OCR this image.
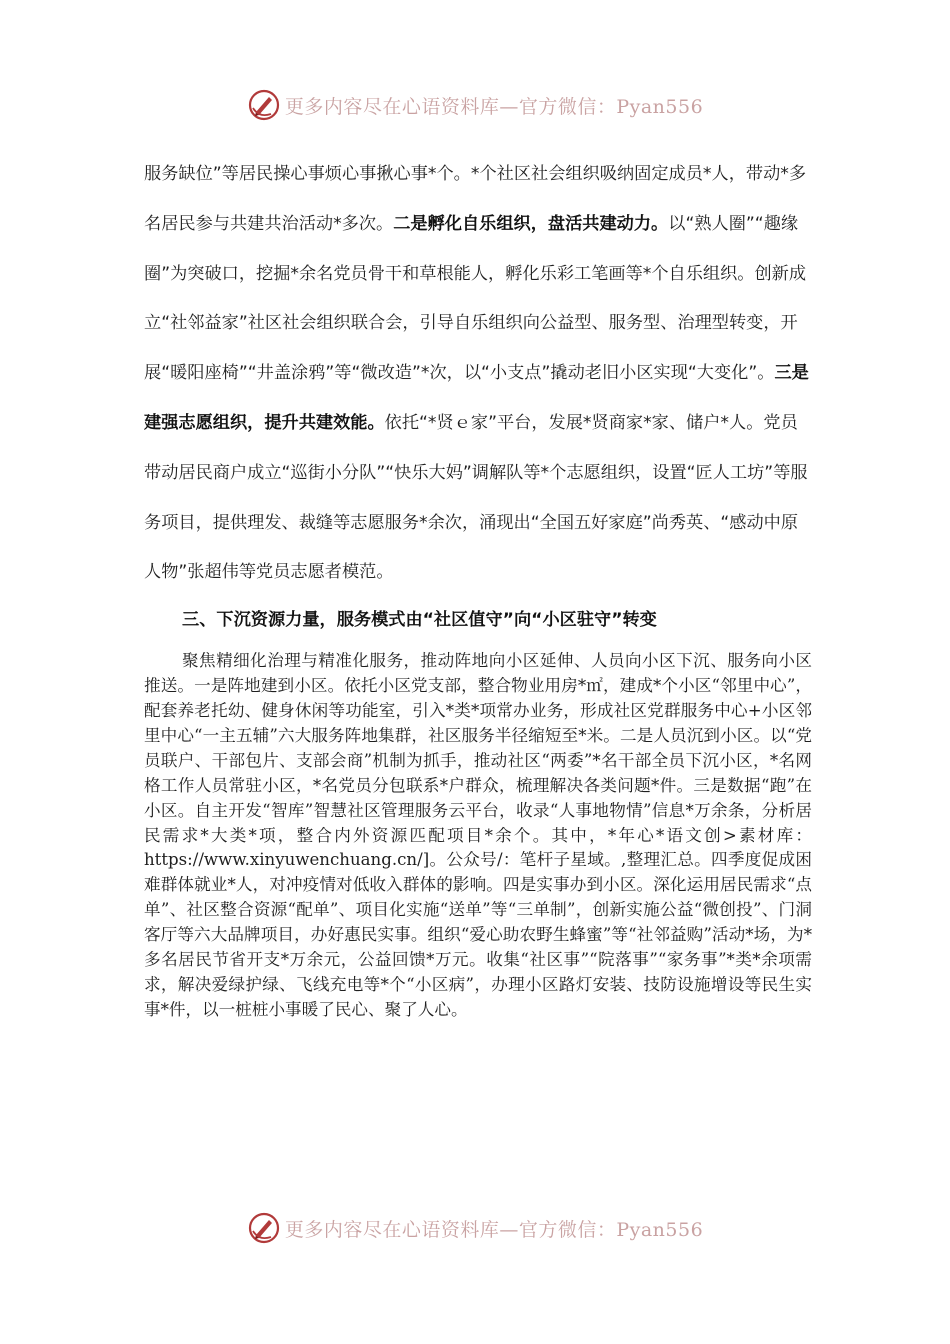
更多内容尽在心语资料库—官方微信：Pyan556

服务缺位”等居民操心事烦心事揪心事*个。*个社区社会组织吸纳固定成员*人，带动*多名居民参与共建共治活动*多次。二是孵化自乐组织，盘活共建动力。以“熟人圈”“趣缘圈”为突破口，挖掘*余名党员骨干和草根能人，孵化乐彩工笔画等*个自乐组织。创新成立“社邻益家”社区社会组织联合会，引导自乐组织向公益型、服务型、治理型转变，开展“暖阳座椅”“井盖涂鸦”等“微改造”*次，以“小支点”撬动老旧小区实现“大变化”。三是建强志愿组织，提升共建效能。依托“*贤ｅ家”平台，发展*贤商家*家、储户*人。党员带动居民商户成立“巡街小分队”“快乐大妈”调解队等*个志愿组织，设置“匠人工坊”等服务项目，提供理发、裁缝等志愿服务*余次，涌现出“全国五好家庭”尚秀英、“感动中原人物”张超伟等党员志愿者模范。

三、下沉资源力量，服务模式由“社区值守”向“小区驻守”转变

聚焦精细化治理与精准化服务，推动阵地向小区延伸、人员向小区下沉、服务向小区推送。一是阵地建到小区。依托小区党支部，整合物业用房*㎡，建成*个小区“邻里中心”，配套养老托幼、健身休闲等功能室，引入*类*项常办业务，形成社区党群服务中心+小区邻里中心“一主五辅”六大服务阵地集群，社区服务半径缩短至*米。二是人员沉到小区。以“党员联户、干部包片、支部会商”机制为抓手，推动社区“两委”*名干部全员下沉小区，*名网格工作人员常驻小区，*名党员分包联系*户群众，梳理解决各类问题*件。三是数据“跑”在小区。自主开发“智库”智慧社区管理服务云平台，收录“人事地物情”信息*万余条，分析居民需求*大类*项，整合内外资源匹配项目*余个。其中，*年心*语文创>素材库：https://www.xinyuwenchuang.cn/]。公众号/：笔杆子星域。,整理汇总。四季度促成困难群体就业*人，对冲疫情对低收入群体的影响。四是实事办到小区。深化运用居民需求“点单”、社区整合资源“配单”、项目化实施“送单”等“三单制”，创新实施公益“微创投”、门洞客厅等六大品牌项目，办好惠民实事。组织“爱心助农野生蜂蜜”等“社邻益购”活动*场，为*多名居民节省开支*万余元，公益回馈*万元。收集“社区事”“院落事”“家务事”*类*余项需求，解决爱绿护绿、飞线充电等*个“小区病”，办理小区路灯安装、技防设施增设等民生实事*件，以一桩桩小事暖了民心、聚了人心。

更多内容尽在心语资料库—官方微信：Pyan556
